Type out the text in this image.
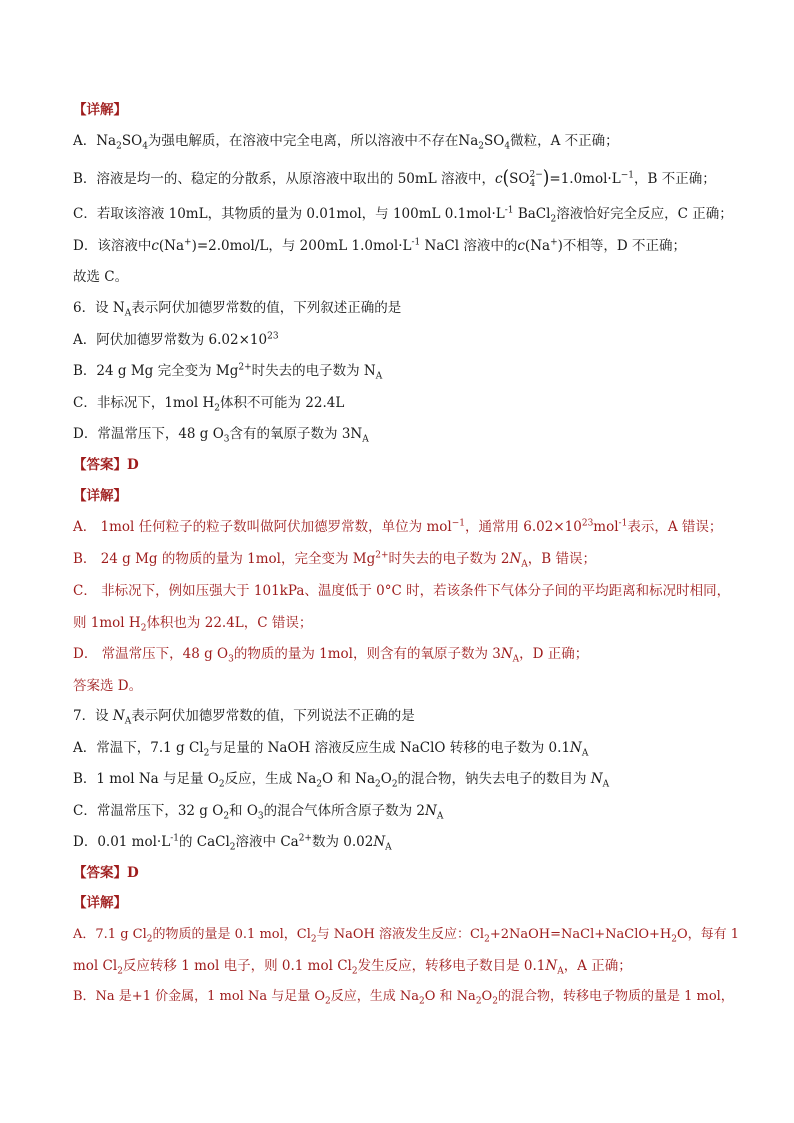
【详解】
A．$Na_2SO_4$为强电解质，在溶液中完全电离，所以溶液中不存在$Na_2SO_4$微粒，A 不正确；
B．溶液是均一的、稳定的分散系，从原溶液中取出的 50mL 溶液中，c(SO 2−
4 )$=1.0mol\cdot L^{-1}$，B 不正确；
C．若取该溶液 10mL，其物质的量为 0.01mol，与 100mL $0.1mol\cdot L^{-1}$ BaCl$_2$溶液恰好完全反应，C 正确；
D．该溶液中c(Na+)=2.0mol/L，与 200mL $1.0mol\cdot L^{-1}$ NaCl 溶液中的c(Na+)不相等，D 不正确；
故选 C。
6．设 $N_A$表示阿伏加德罗常数的值，下列叙述正确的是
A．阿伏加德罗常数为 $6.02\times 10^{23}$
B．24 g Mg 完全变为 $Mg^{2+}$时失去的电子数为 $N_A$
C．非标况下，1mol $H_2$体积不可能为 22.4L
D．常温常压下，48 g $O_3$含有的氧原子数为 $3N_A$
【答案】D
【详解】
A． 1mol 任何粒子的粒子数叫做阿伏加德罗常数，单位为 mol$^{-1}$，通常用 $6.02\times 10^{23}mol^{-1}$表示，A 错误；
B． 24 g Mg 的物质的量为 1mol，完全变为 $Mg^{2+}$时失去的电子数为 $2N_A$，B 错误；
C． 非标况下，例如压强大于 101kPa、温度低于 0°C 时，若该条件下气体分子间的平均距离和标况时相同，
则 1mol $H_2$体积也为 22.4L，C 错误；
D． 常温常压下，48 g $O_3$的物质的量为 1mol，则含有的氧原子数为 $3N_A$，D 正确；
答案选 D。
7．设 $N_A$表示阿伏加德罗常数的值，下列说法不正确的是
A．常温下，7.1 g $Cl_2$与足量的 NaOH 溶液反应生成 NaClO 转移的电子数为 $0.1N_A$
B．1 mol Na 与足量 $O_2$反应，生成 $Na_2O$ 和 $Na_2O_2$的混合物，钠失去电子的数目为 $N_A$
C．常温常压下，32 g $O_2$和 $O_3$的混合气体所含原子数为 $2N_A$
D．0.01 $mol\cdot L^{-1}$的 CaCl$_2$溶液中 $Ca^{2+}$数为 $0.02N_A$
【答案】D
【详解】
A．7.1 g $Cl_2$的物质的量是 0.1 mol，$Cl_2$与 NaOH 溶液发生反应：$Cl_2+2NaOH=NaCl+NaClO+H_2O$，每有 1
mol $Cl_2$反应转移 1 mol 电子，则 0.1 mol $Cl_2$发生反应，转移电子数目是 $0.1N_A$，A 正确；
B．Na 是+1 价金属，1 mol Na 与足量 $O_2$反应，生成 $Na_2O$ 和 $Na_2O_2$的混合物，转移电子物质的量是 1 mol，
